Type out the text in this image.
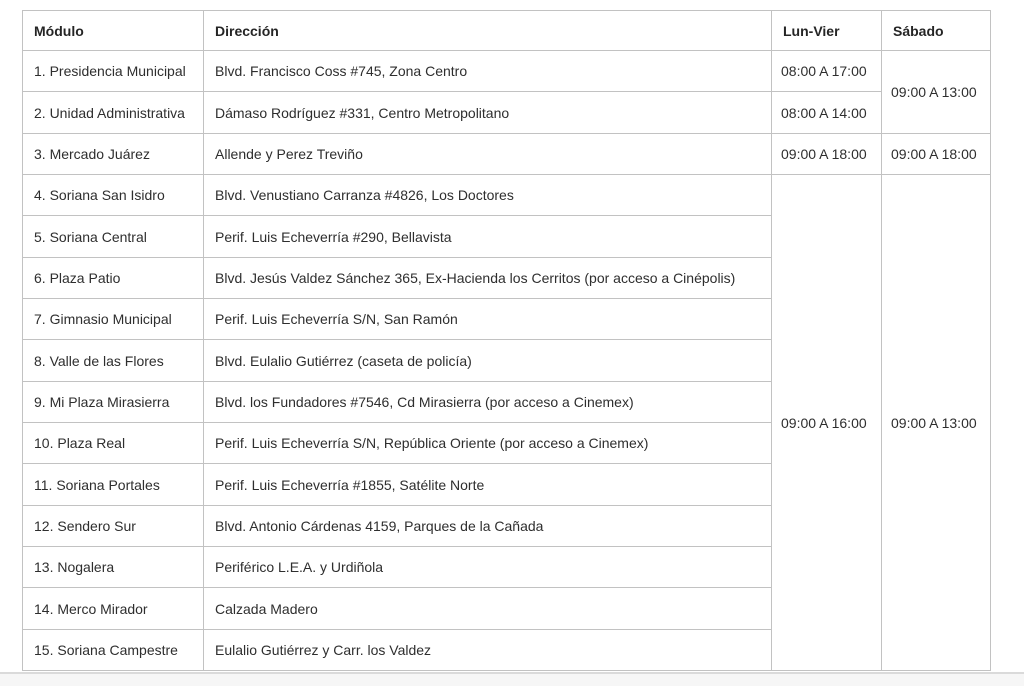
Módulo	Dirección	Lun-Vier	Sábado
1. Presidencia Municipal	Blvd. Francisco Coss #745, Zona Centro	08:00 A 17:00	09:00 A 13:00
2. Unidad Administrativa	Dámaso Rodríguez #331, Centro Metropolitano	08:00 A 14:00	
3. Mercado Juárez	Allende y Perez Treviño	09:00 A 18:00	09:00 A 18:00
4. Soriana San Isidro	Blvd. Venustiano Carranza #4826, Los Doctores	09:00 A 16:00	09:00 A 13:00
5. Soriana Central	Perif. Luis Echeverría #290, Bellavista		
6. Plaza Patio	Blvd. Jesús Valdez Sánchez 365, Ex-Hacienda los Cerritos (por acceso a Cinépolis)		
7. Gimnasio Municipal	Perif. Luis Echeverría S/N, San Ramón		
8. Valle de las Flores	Blvd. Eulalio Gutiérrez (caseta de policía)		
9. Mi Plaza Mirasierra	Blvd. los Fundadores #7546, Cd Mirasierra (por acceso a Cinemex)		
10. Plaza Real	Perif. Luis Echeverría S/N, República Oriente (por acceso a Cinemex)		
11. Soriana Portales	Perif. Luis Echeverría #1855, Satélite Norte		
12. Sendero Sur	Blvd. Antonio Cárdenas 4159, Parques de la Cañada		
13. Nogalera	Periférico L.E.A. y Urdiñola		
14. Merco Mirador	Calzada Madero		
15. Soriana Campestre	Eulalio Gutiérrez y Carr. los Valdez		
